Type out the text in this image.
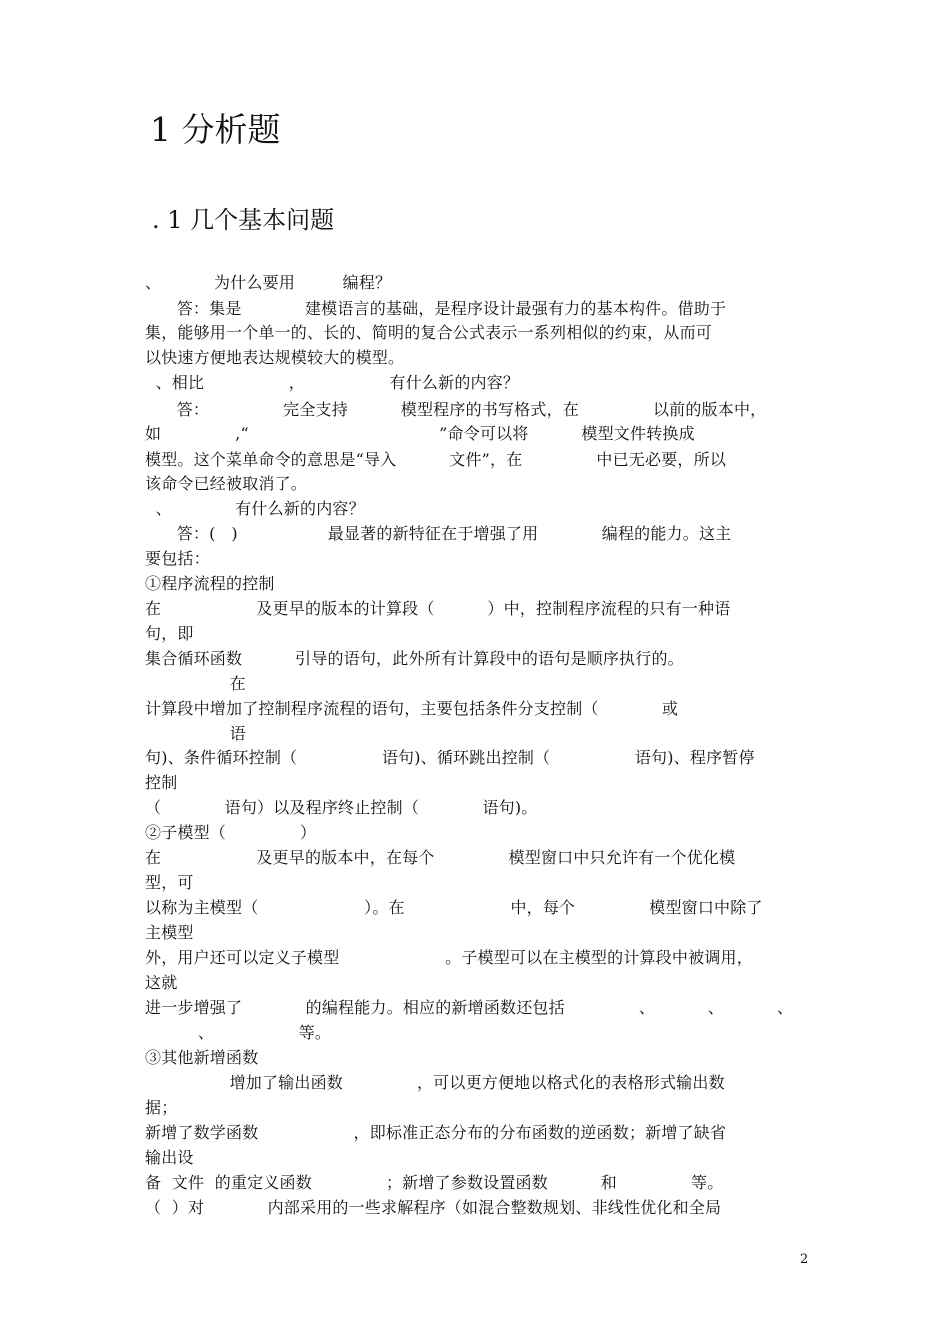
1 分析题
. 1 几个基本问题
、          为什么要用         编程？
答：集是            建模语言的基础，是程序设计最强有力的基本构件。借助于
集，能够用一个单一的、长的、简明的复合公式表示一系列相似的约束，从而可
以快速方便地表达规模较大的模型。
、相比                ，                有什么新的内容？
答：              完全支持          模型程序的书写格式，在              以前的版本中，
如              ,“                                    ”命令可以将          模型文件转换成
模型。这个菜单命令的意思是“导入          文件”，在              中已无必要，所以
该命令已经被取消了。
、            有什么新的内容？
答：(   )                 最显著的新特征在于增强了用            编程的能力。这主
要包括：
①程序流程的控制
在                  及更早的版本的计算段（          ）中，控制程序流程的只有一种语
句，即
集合循环函数          引导的语句，此外所有计算段中的语句是顺序执行的。
在
计算段中增加了控制程序流程的语句，主要包括条件分支控制（            或
语
句)、条件循环控制（                语句)、循环跳出控制（                语句)、程序暂停
控制
（            语句）以及程序终止控制（            语句)。
②子模型（              ）
在                  及更早的版本中，在每个              模型窗口中只允许有一个优化模
型，可
以称为主模型（                    ）。在                    中，每个              模型窗口中除了
主模型
外，用户还可以定义子模型                    。子模型可以在主模型的计算段中被调用，
这就
进一步增强了            的编程能力。相应的新增函数还包括              、          、          、
、                等。
③其他新增函数
增加了输出函数              ，可以更方便地以格式化的表格形式输出数
据；
新增了数学函数                  ，即标准正态分布的分布函数的逆函数；新增了缺省
输出设
备  文件  的重定义函数              ；新增了参数设置函数          和              等。
（  ）对            内部采用的一些求解程序（如混合整数规划、非线性优化和全局
2
